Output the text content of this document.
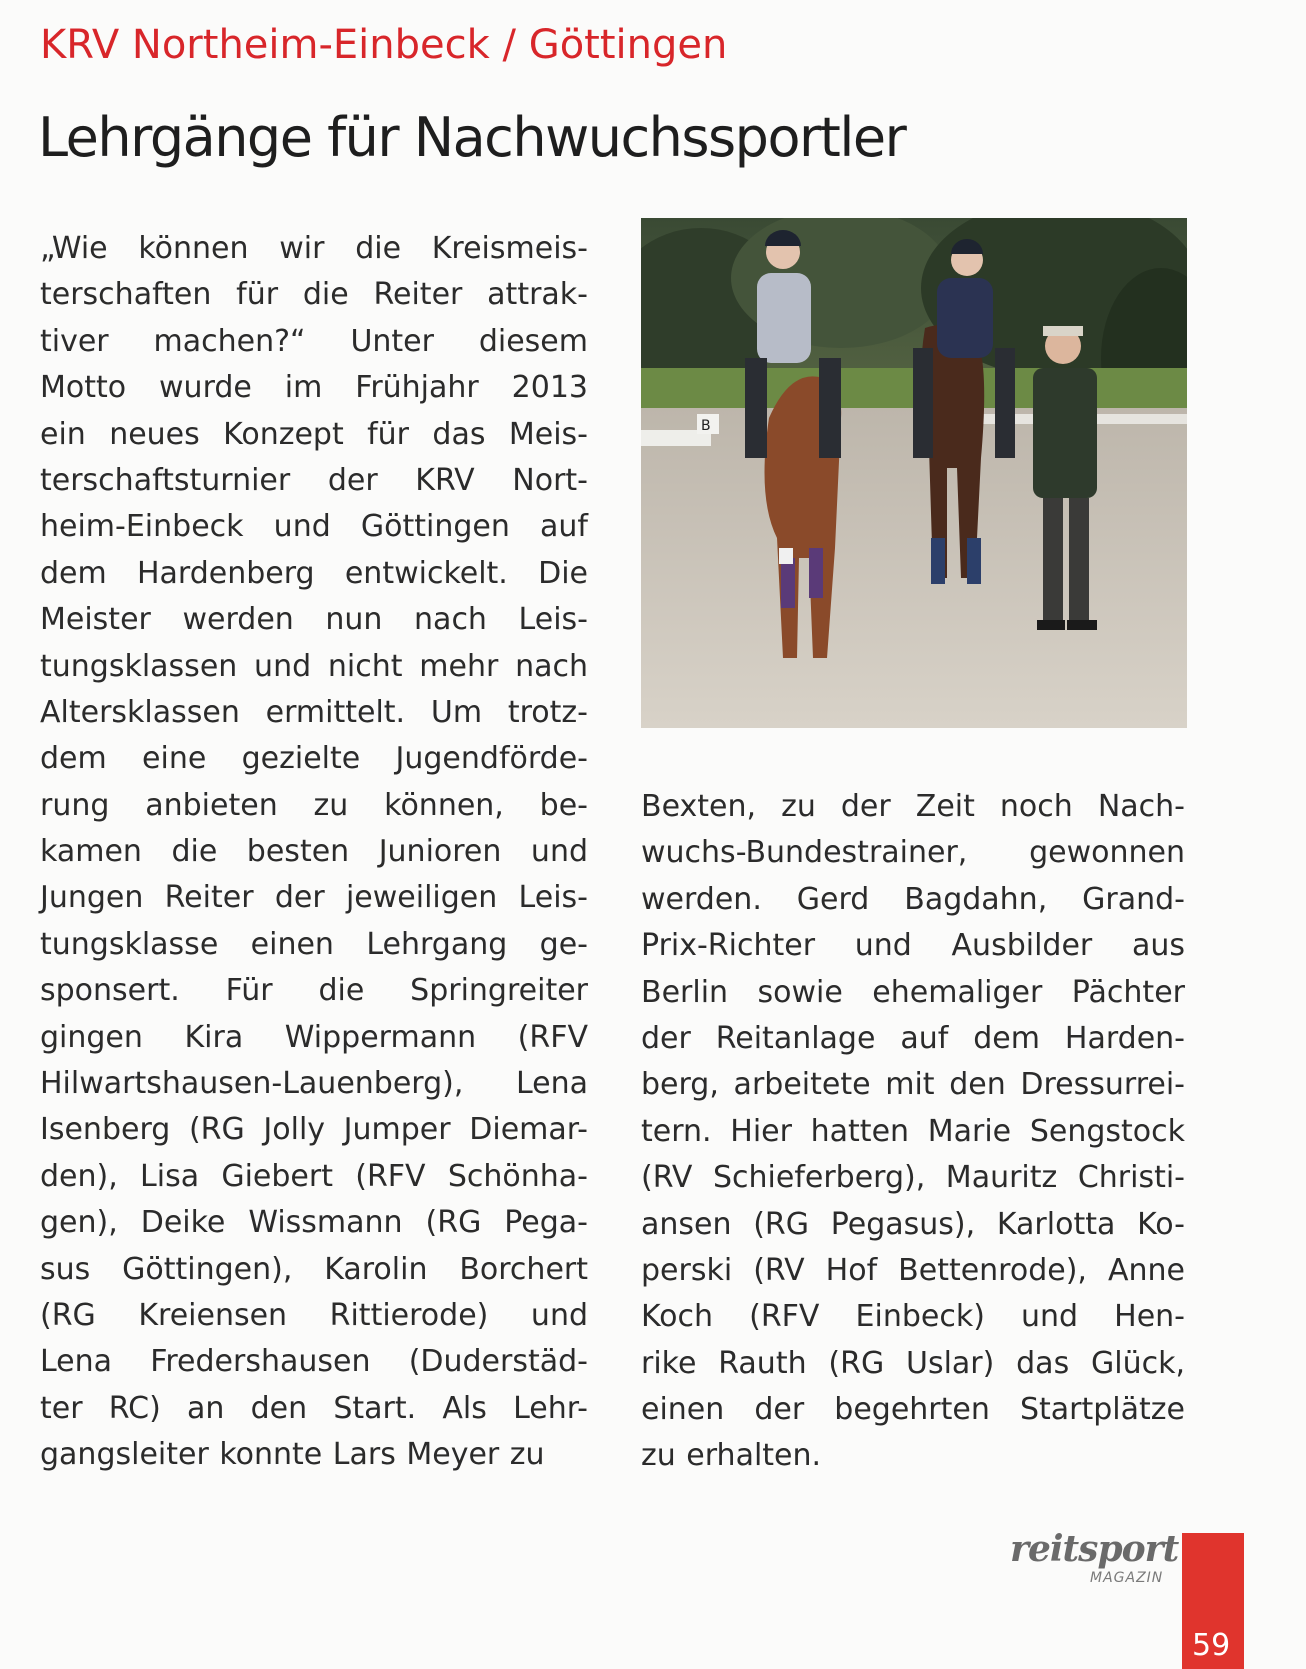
KRV Northeim-Einbeck / Göttingen
Lehrgänge für Nachwuchssportler
„Wie können wir die Kreismeis-
terschaften für die Reiter attrak-
tiver machen?“ Unter diesem
Motto wurde im Frühjahr 2013
ein neues Konzept für das Meis-
terschaftsturnier der KRV Nort-
heim-Einbeck und Göttingen auf
dem Hardenberg entwickelt. Die
Meister werden nun nach Leis-
tungsklassen und nicht mehr nach
Altersklassen ermittelt. Um trotz-
dem eine gezielte Jugendförde-
rung anbieten zu können, be-
kamen die besten Junioren und
Jungen Reiter der jeweiligen Leis-
tungsklasse einen Lehrgang ge-
sponsert. Für die Springreiter
gingen Kira Wippermann (RFV
Hilwartshausen-Lauenberg), Lena
Isenberg (RG Jolly Jumper Diemar-
den), Lisa Giebert (RFV Schönha-
gen), Deike Wissmann (RG Pega-
sus Göttingen), Karolin Borchert
(RG Kreiensen Rittierode) und
Lena Fredershausen (Duderstäd-
ter RC) an den Start. Als Lehr-
gangsleiter konnte Lars Meyer zu
B
Bexten, zu der Zeit noch Nach-
wuchs-Bundestrainer, gewonnen
werden. Gerd Bagdahn, Grand-
Prix-Richter und Ausbilder aus
Berlin sowie ehemaliger Pächter
der Reitanlage auf dem Harden-
berg, arbeitete mit den Dressurrei-
tern. Hier hatten Marie Sengstock
(RV Schieferberg), Mauritz Christi-
ansen (RG Pegasus), Karlotta Ko-
perski (RV Hof Bettenrode), Anne
Koch (RFV Einbeck) und Hen-
rike Rauth (RG Uslar) das Glück,
einen der begehrten Startplätze
zu erhalten.
reitsport
MAGAZIN
59
